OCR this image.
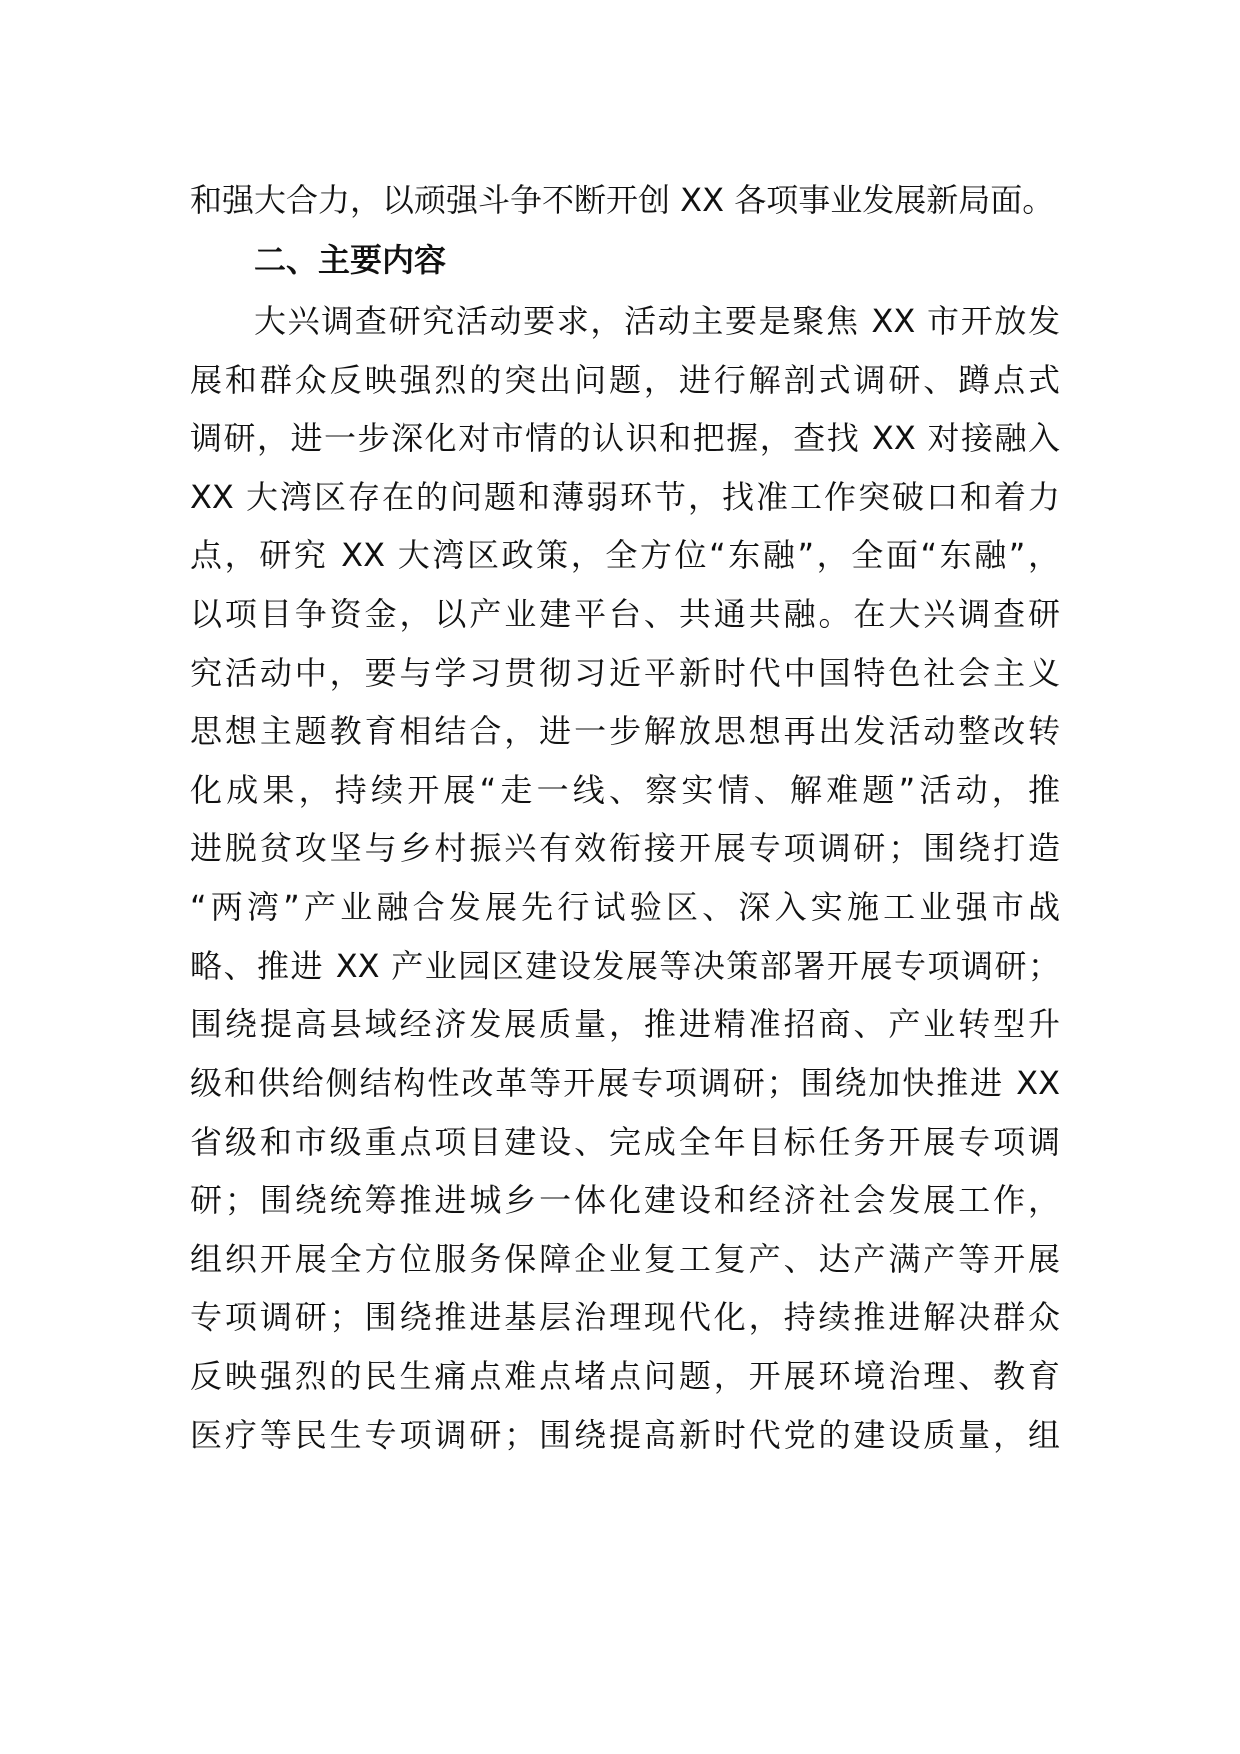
和强大合力，以顽强斗争不断开创 XX 各项事业发展新局面。
二、主要内容
大兴调查研究活动要求，活动主要是聚焦 XX 市开放发
展和群众反映强烈的突出问题，进行解剖式调研、蹲点式
调研，进一步深化对市情的认识和把握，查找 XX 对接融入
XX 大湾区存在的问题和薄弱环节，找准工作突破口和着力
点，研究 XX 大湾区政策，全方位“东融”，全面“东融”，
以项目争资金，以产业建平台、共通共融。在大兴调查研
究活动中，要与学习贯彻习近平新时代中国特色社会主义
思想主题教育相结合，进一步解放思想再出发活动整改转
化成果，持续开展“走一线、察实情、解难题”活动，推
进脱贫攻坚与乡村振兴有效衔接开展专项调研；围绕打造
“两湾”产业融合发展先行试验区、深入实施工业强市战
略、推进 XX 产业园区建设发展等决策部署开展专项调研；
围绕提高县域经济发展质量，推进精准招商、产业转型升
级和供给侧结构性改革等开展专项调研；围绕加快推进 XX
省级和市级重点项目建设、完成全年目标任务开展专项调
研；围绕统筹推进城乡一体化建设和经济社会发展工作，
组织开展全方位服务保障企业复工复产、达产满产等开展
专项调研；围绕推进基层治理现代化，持续推进解决群众
反映强烈的民生痛点难点堵点问题，开展环境治理、教育
医疗等民生专项调研；围绕提高新时代党的建设质量，组
